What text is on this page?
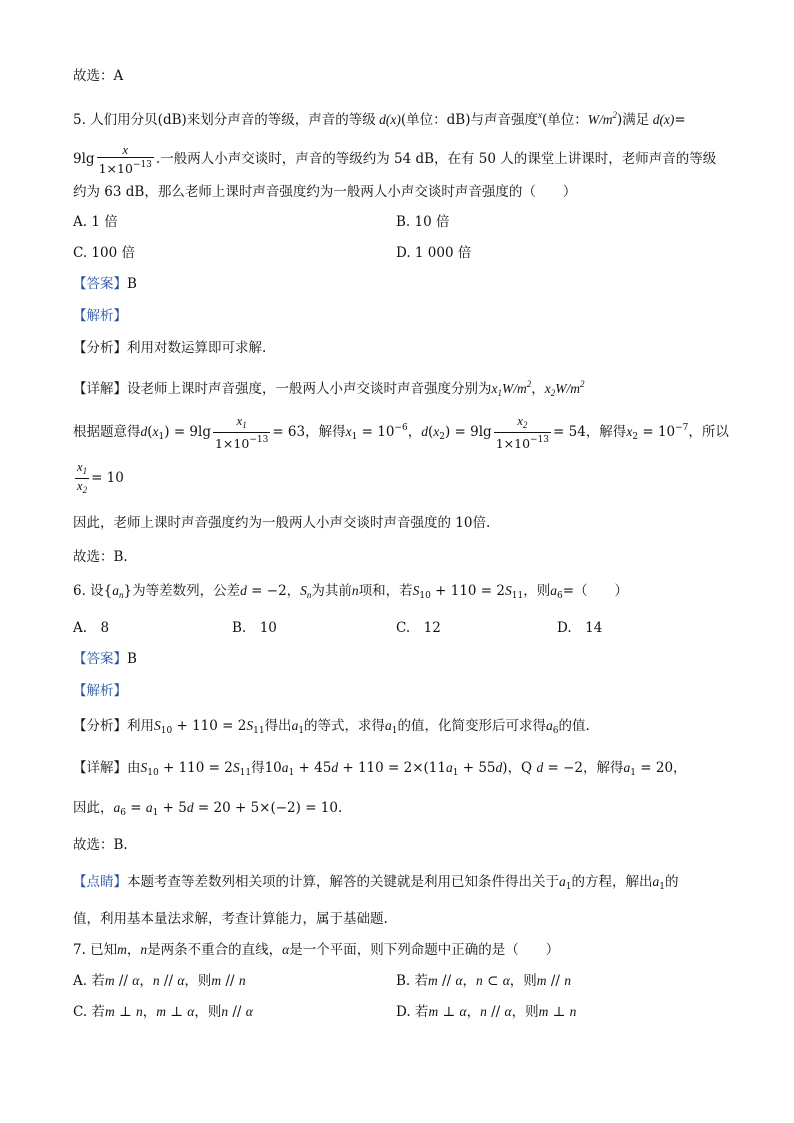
故选：A
5. 人们用分贝(dB)来划分声音的等级，声音的等级 d(x)(单位：dB)与声音强度$^x$(单位：$W/m^2$)满足 d(x)=
$9\lg \frac{x}{1\times 10^{-13}}$ .一般两人小声交谈时，声音的等级约为 54 dB，在有 50 人的课堂上讲课时，老师声音的等级
约为 63 dB，那么老师上课时声音强度约为一般两人小声交谈时声音强度的（　　）
A. 1 倍	B. 10 倍
C. 100 倍	D. 1 000 倍
【答案】B
【解析】
【分析】利用对数运算即可求解.
【详解】设老师上课时声音强度，一般两人小声交谈时声音强度分别为$x_1W/m^2$，$x_2W/m^2$
根据题意得$d(x_1) = 9\lg \frac{x_1}{1\times 10^{-13}} = 63$，解得$x_1 = 10^{-6}$，$d(x_2) = 9\lg \frac{x_2}{1\times 10^{-13}} = 54$，解得$x_2 = 10^{-7}$，所以
$\frac{x_1}{x_2} = 10$
因此，老师上课时声音强度约为一般两人小声交谈时声音强度的 10倍.
故选：B.
6. 设$\{a_n\}$为等差数列，公差d = −2，$S_n$为其前n项和，若$S_{10} + 110 = 2S_{11}$，则$a_6=$（　　）
A.　8	B.　10	C.　12	D.　14
【答案】B
【解析】
【分析】利用$S_{10} + 110 = 2S_{11}$得出$a_1$的等式，求得$a_1$的值，化简变形后可求得$a_6$的值.
【详解】由$S_{10} + 110 = 2S_{11}$得$10a_1 + 45d + 110 = 2\times(11a_1 + 55d)$，Q d = −2，解得$a_1 = 20$，
因此，$a_6 = a_1 + 5d = 20 + 5\times(-2) = 10$.
故选：B.
【点睛】本题考查等差数列相关项的计算，解答的关键就是利用已知条件得出关于$a_1$的方程，解出$a_1$的
值，利用基本量法求解，考查计算能力，属于基础题.
7. 已知m，n是两条不重合的直线，α是一个平面，则下列命题中正确的是（　　）
A. 若m // α，n // α，则m // n	B. 若m // α，n ⊂ α，则m // n
C. 若m ⊥ n，m ⊥ α，则n // α	D. 若m ⊥ α，n // α，则m ⊥ n
